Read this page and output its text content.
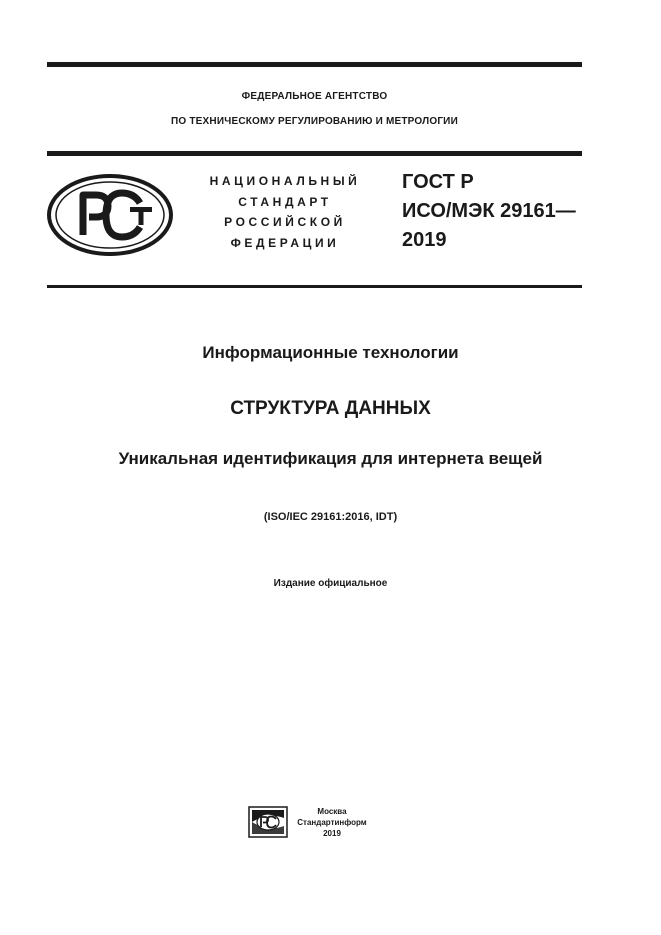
ФЕДЕРАЛЬНОЕ АГЕНТСТВО
ПО ТЕХНИЧЕСКОМУ РЕГУЛИРОВАНИЮ И МЕТРОЛОГИИ
НАЦИОНАЛЬНЫЙ
СТАНДАРТ
РОССИЙСКОЙ
ФЕДЕРАЦИИ
ГОСТ Р
ИСО/МЭК 29161—
2019
Информационные технологии
СТРУКТУРА ДАННЫХ
Уникальная идентификация для интернета вещей
(ISO/IEC 29161:2016, IDT)
Издание официальное
Москва
Стандартинформ
2019
